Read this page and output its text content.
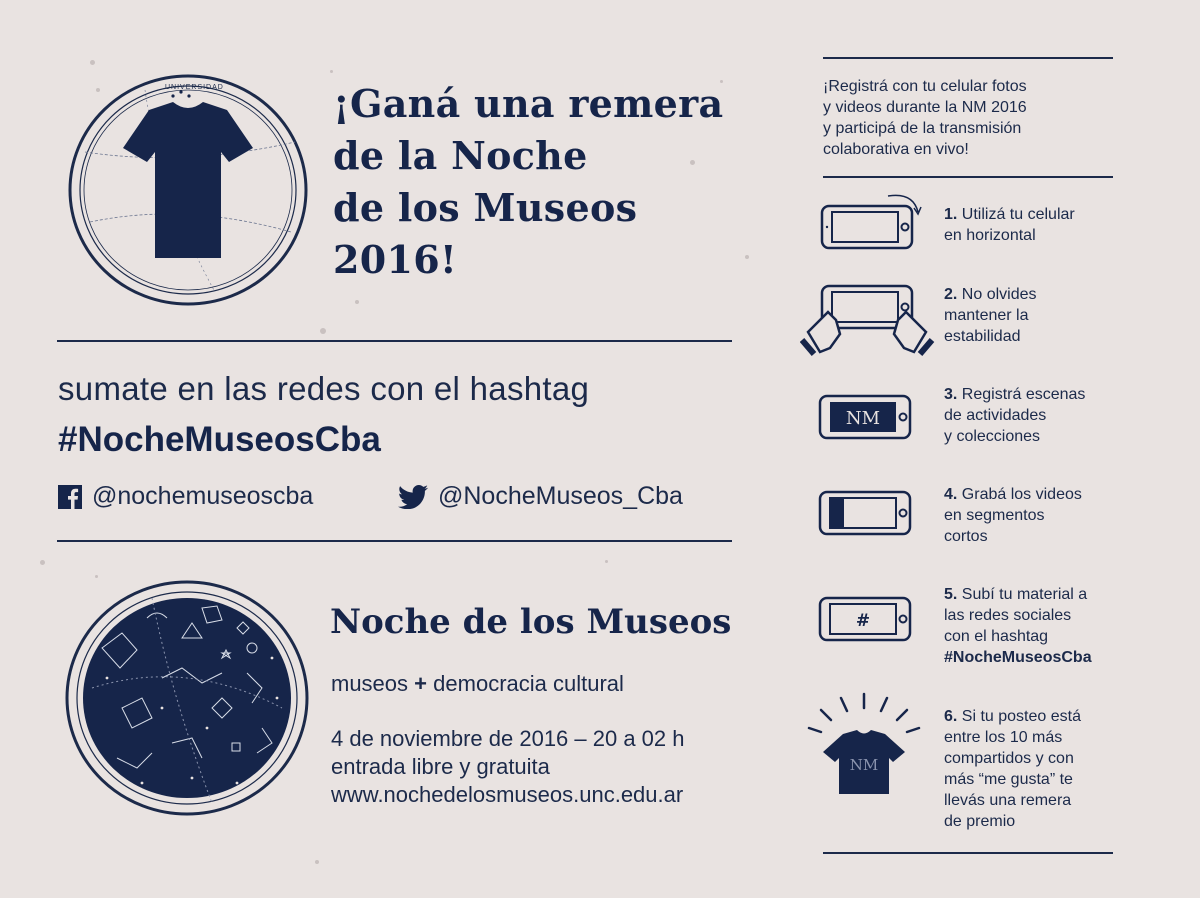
UNIVERSIDAD	¡Ganá una remera
de la Noche
de los Museos
2016!
sumate en las redes con el hashtag
#NocheMuseosCba
@nochemuseoscba	@NocheMuseos_Cba
Noche de los Museos
museos + democracia cultural
4 de noviembre de 2016 – 20 a 02 h
entrada libre y gratuita
www.nochedelosmuseos.unc.edu.ar
¡Registrá con tu celular fotos
y videos durante la NM 2016
y participá de la transmisión
colaborativa en vivo!
1. Utilizá tu celular
en horizontal
2. No olvides
mantener la
estabilidad
NM
3. Registrá escenas
de actividades
y colecciones
4. Grabá los videos
en segmentos
cortos
#
5. Subí tu material a
las redes sociales
con el hashtag
#NocheMuseosCba
NM
6. Si tu posteo está
entre los 10 más
compartidos y con
más “me gusta” te
llevás una remera
de premio
